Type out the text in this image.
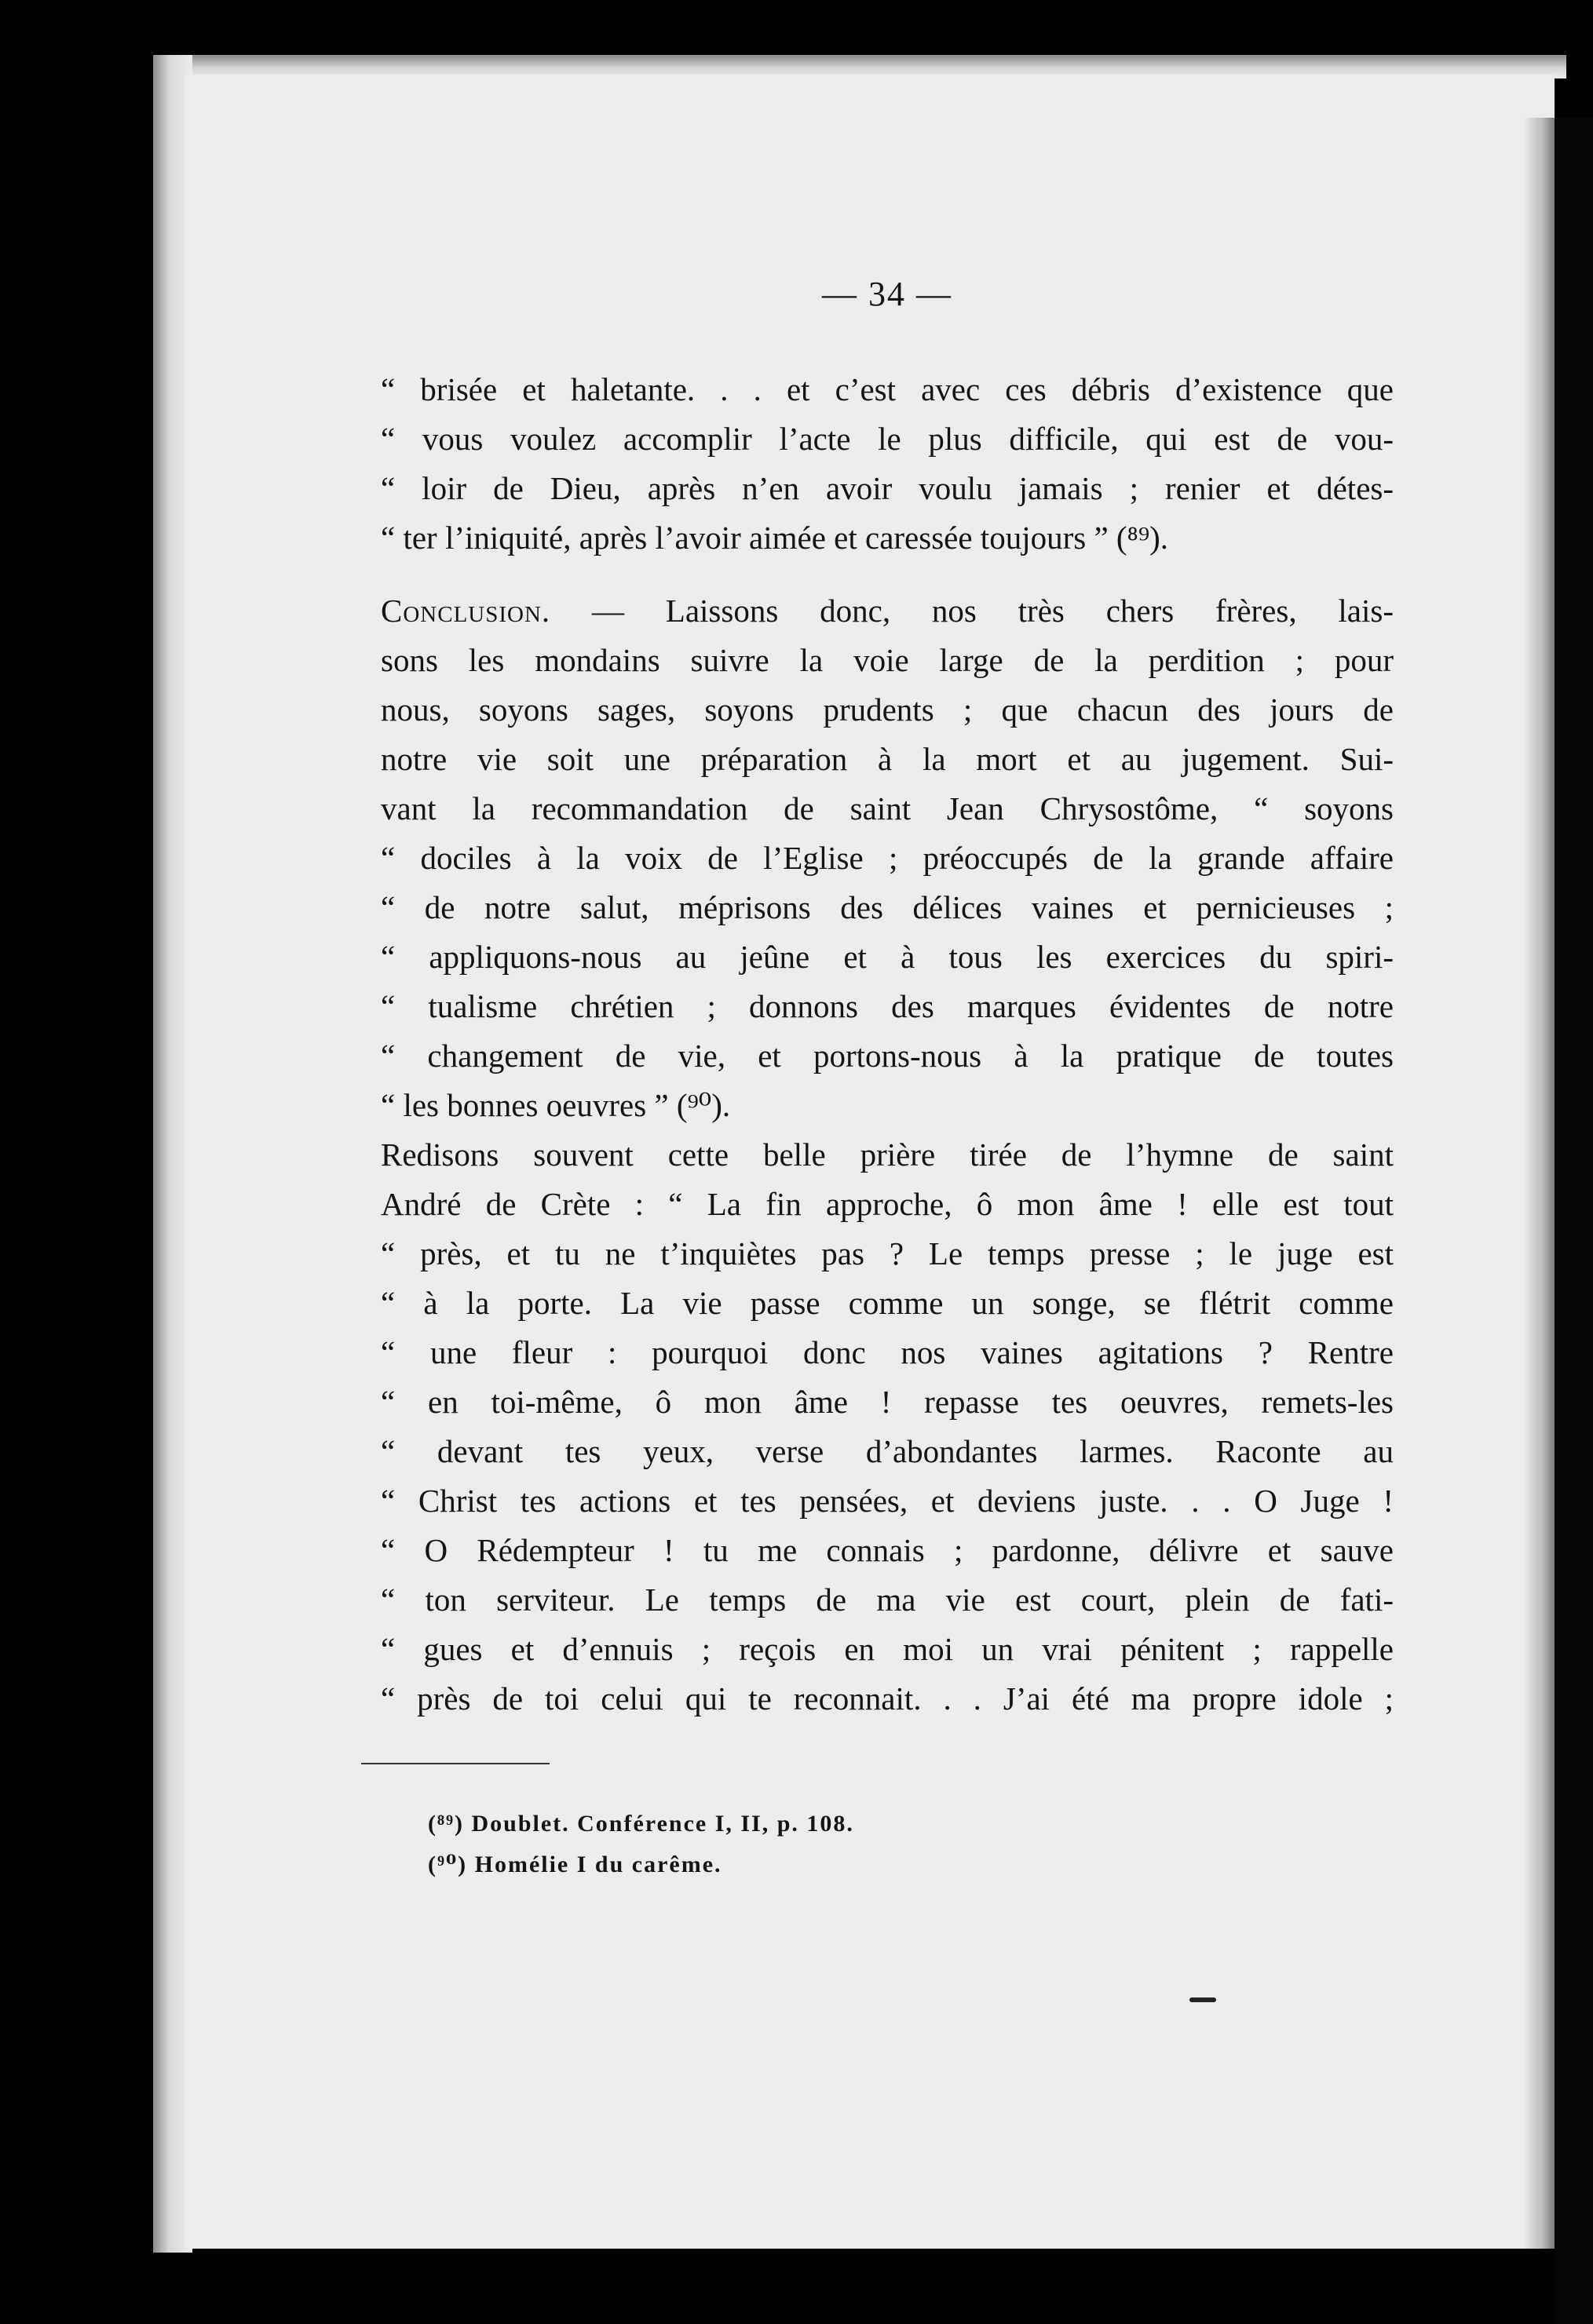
— 34 —
“ brisée et haletante. . . et c’est avec ces débris d’existence que
“ vous voulez accomplir l’acte le plus difficile, qui est de vou-
“ loir de Dieu, après n’en avoir voulu jamais ; renier et détes-
“ ter l’iniquité, après l’avoir aimée et caressée toujours ” (⁸⁹).
Conclusion. — Laissons donc, nos très chers frères, lais-
sons les mondains suivre la voie large de la perdition ; pour
nous, soyons sages, soyons prudents ; que chacun des jours de
notre vie soit une préparation à la mort et au jugement. Sui-
vant la recommandation de saint Jean Chrysostôme, “ soyons
“ dociles à la voix de l’Eglise ; préoccupés de la grande affaire
“ de notre salut, méprisons des délices vaines et pernicieuses ;
“ appliquons-nous au jeûne et à tous les exercices du spiri-
“ tualisme chrétien ; donnons des marques évidentes de notre
“ changement de vie, et portons-nous à la pratique de toutes
“ les bonnes oeuvres ” (⁹⁰).
Redisons souvent cette belle prière tirée de l’hymne de saint
André de Crète : “ La fin approche, ô mon âme ! elle est tout
“ près, et tu ne t’inquiètes pas ? Le temps presse ; le juge est
“ à la porte. La vie passe comme un songe, se flétrit comme
“ une fleur : pourquoi donc nos vaines agitations ? Rentre
“ en toi-même, ô mon âme ! repasse tes oeuvres, remets-les
“ devant tes yeux, verse d’abondantes larmes. Raconte au
“ Christ tes actions et tes pensées, et deviens juste. . . O Juge !
“ O Rédempteur ! tu me connais ; pardonne, délivre et sauve
“ ton serviteur. Le temps de ma vie est court, plein de fati-
“ gues et d’ennuis ; reçois en moi un vrai pénitent ; rappelle
“ près de toi celui qui te reconnait. . . J’ai été ma propre idole ;
(⁸⁹) Doublet. Conférence I, II, p. 108.
(⁹⁰) Homélie I du carême.
